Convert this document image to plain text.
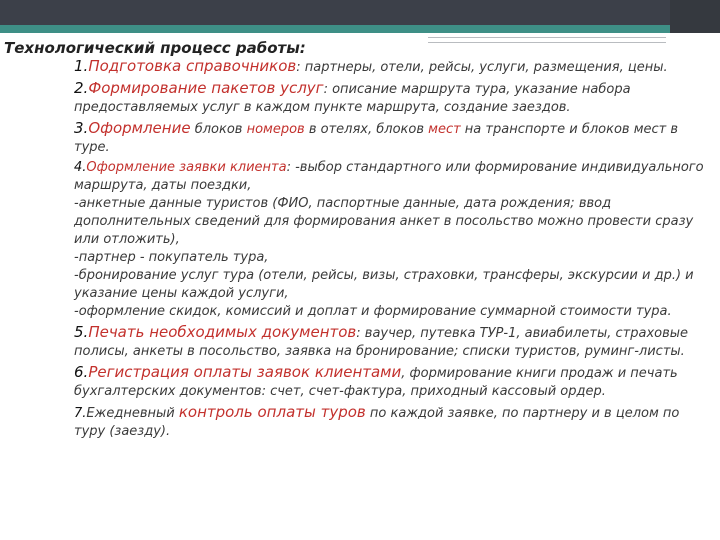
Технологический процесс работы:

1.Подготовка справочников: партнеры, отели, рейсы, услуги, размещения, цены.

2.Формирование пакетов услуг: описание маршрута тура, указание набора предоставляемых услуг в каждом пункте маршрута, создание заездов.

3.Оформление блоков номеров в отелях, блоков мест на транспорте и блоков мест в туре.

4.Оформление заявки клиента: -выбор стандартного или формирование индивидуального маршрута, даты поездки,

-анкетные данные туристов (ФИО, паспортные данные, дата рождения; ввод дополнительных сведений для формирования анкет в посольство можно провести сразу или отложить),

-партнер - покупатель тура,

-бронирование услуг тура (отели, рейсы, визы, страховки, трансферы, экскурсии и др.) и указание цены каждой услуги,

-оформление скидок, комиссий и доплат и формирование суммарной стоимости тура.

5.Печать необходимых документов: ваучер, путевка ТУР-1, авиабилеты, страховые полисы, анкеты в посольство, заявка на бронирование; списки туристов, руминг-листы.

6.Регистрация оплаты заявок клиентами, формирование книги продаж и печать бухгалтерских документов: счет, счет-фактура, приходный кассовый ордер.

7.Ежедневный контроль оплаты туров по каждой заявке, по партнеру и в целом по туру (заезду).
